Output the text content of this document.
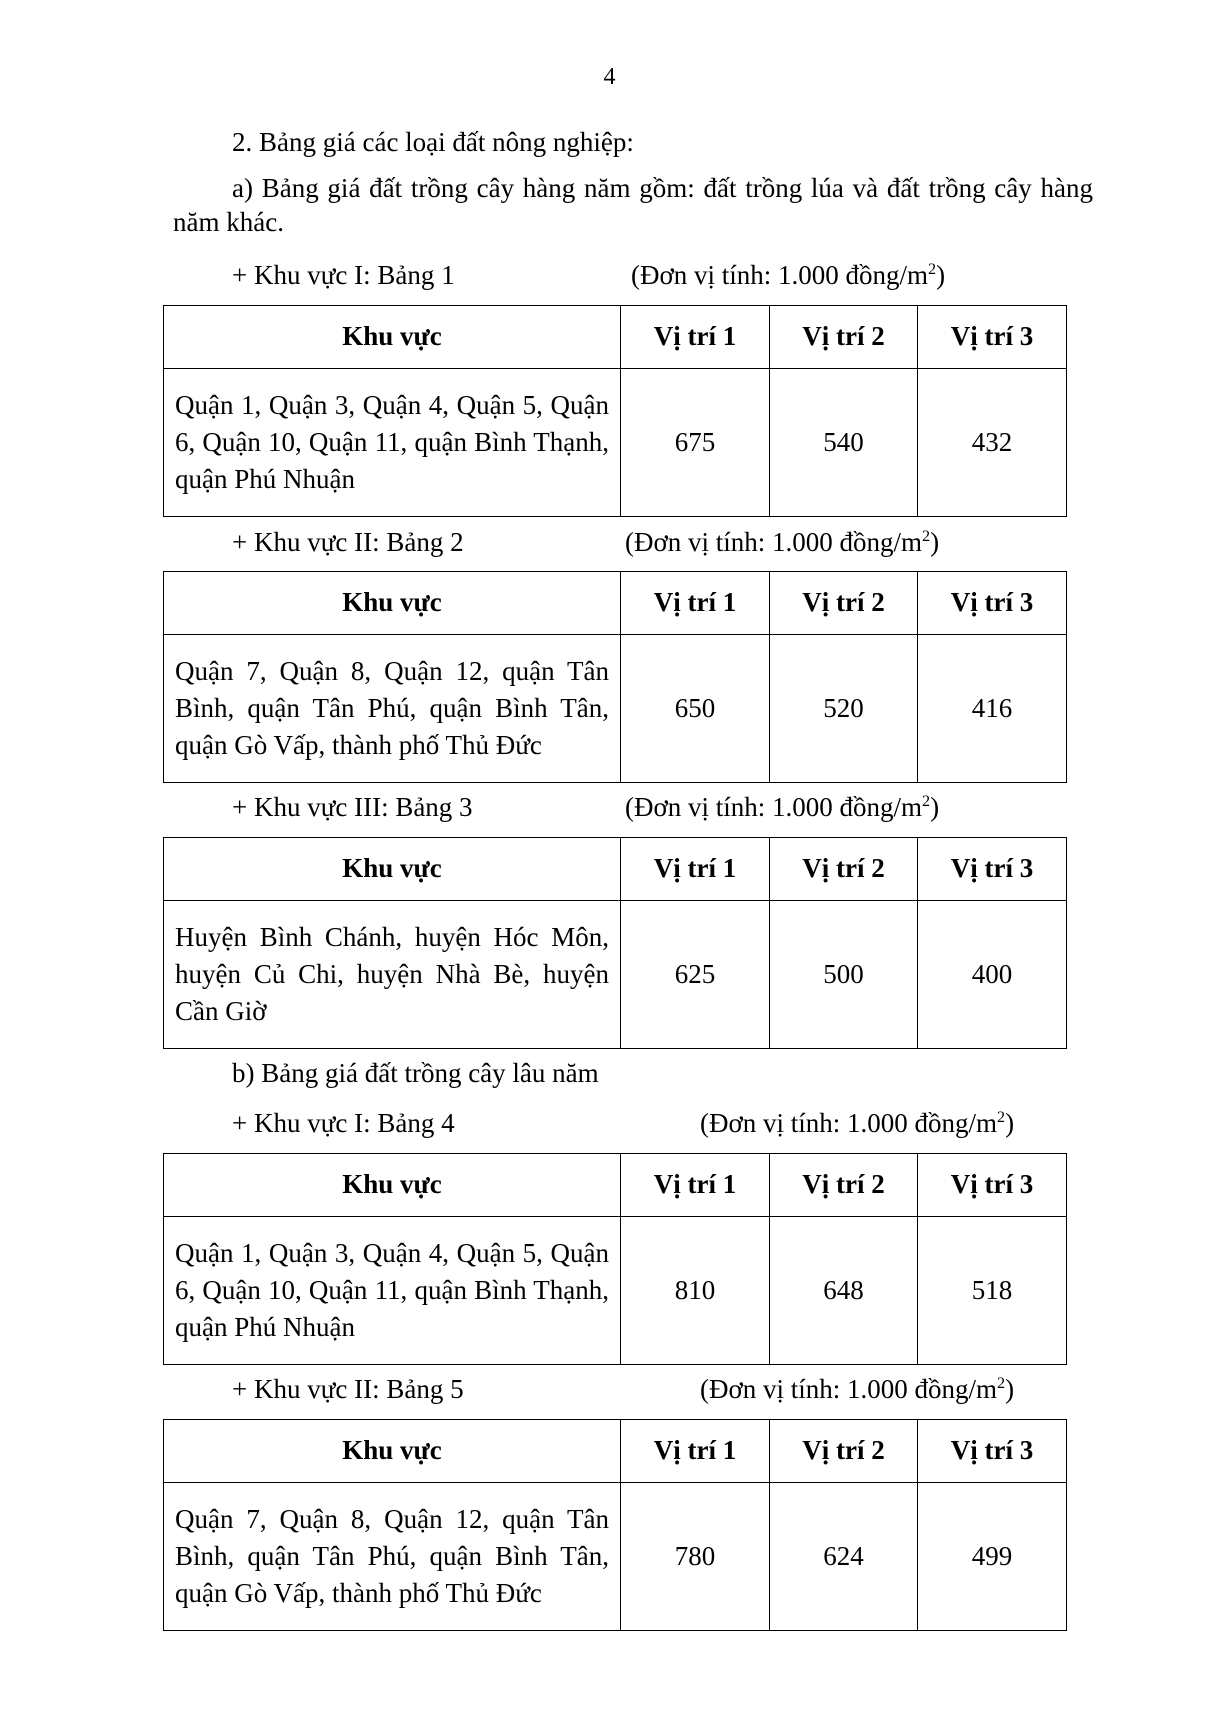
4
2. Bảng giá các loại đất nông nghiệp:
a) Bảng giá đất trồng cây hàng năm gồm: đất trồng lúa và đất trồng cây hàng năm khác.
+ Khu vực I: Bảng 1	(Đơn vị tính: 1.000 đồng/$m^2$)
Khu vực	Vị trí 1	Vị trí 2	Vị trí 3
Quận 1, Quận 3, Quận 4, Quận 5, Quận 6, Quận 10, Quận 11, quận Bình Thạnh, quận Phú Nhuận	675	540	432
+ Khu vực II: Bảng 2	(Đơn vị tính: 1.000 đồng/$m^2$)
Khu vực	Vị trí 1	Vị trí 2	Vị trí 3
Quận 7, Quận 8, Quận 12, quận Tân Bình, quận Tân Phú, quận Bình Tân, quận Gò Vấp, thành phố Thủ Đức	650	520	416
+ Khu vực III: Bảng 3	(Đơn vị tính: 1.000 đồng/$m^2$)
Khu vực	Vị trí 1	Vị trí 2	Vị trí 3
Huyện Bình Chánh, huyện Hóc Môn, huyện Củ Chi, huyện Nhà Bè, huyện Cần Giờ	625	500	400
b) Bảng giá đất trồng cây lâu năm
+ Khu vực I: Bảng 4	(Đơn vị tính: 1.000 đồng/$m^2$)
Khu vực	Vị trí 1	Vị trí 2	Vị trí 3
Quận 1, Quận 3, Quận 4, Quận 5, Quận 6, Quận 10, Quận 11, quận Bình Thạnh, quận Phú Nhuận	810	648	518
+ Khu vực II: Bảng 5	(Đơn vị tính: 1.000 đồng/$m^2$)
Khu vực	Vị trí 1	Vị trí 2	Vị trí 3
Quận 7, Quận 8, Quận 12, quận Tân Bình, quận Tân Phú, quận Bình Tân, quận Gò Vấp, thành phố Thủ Đức	780	624	499
